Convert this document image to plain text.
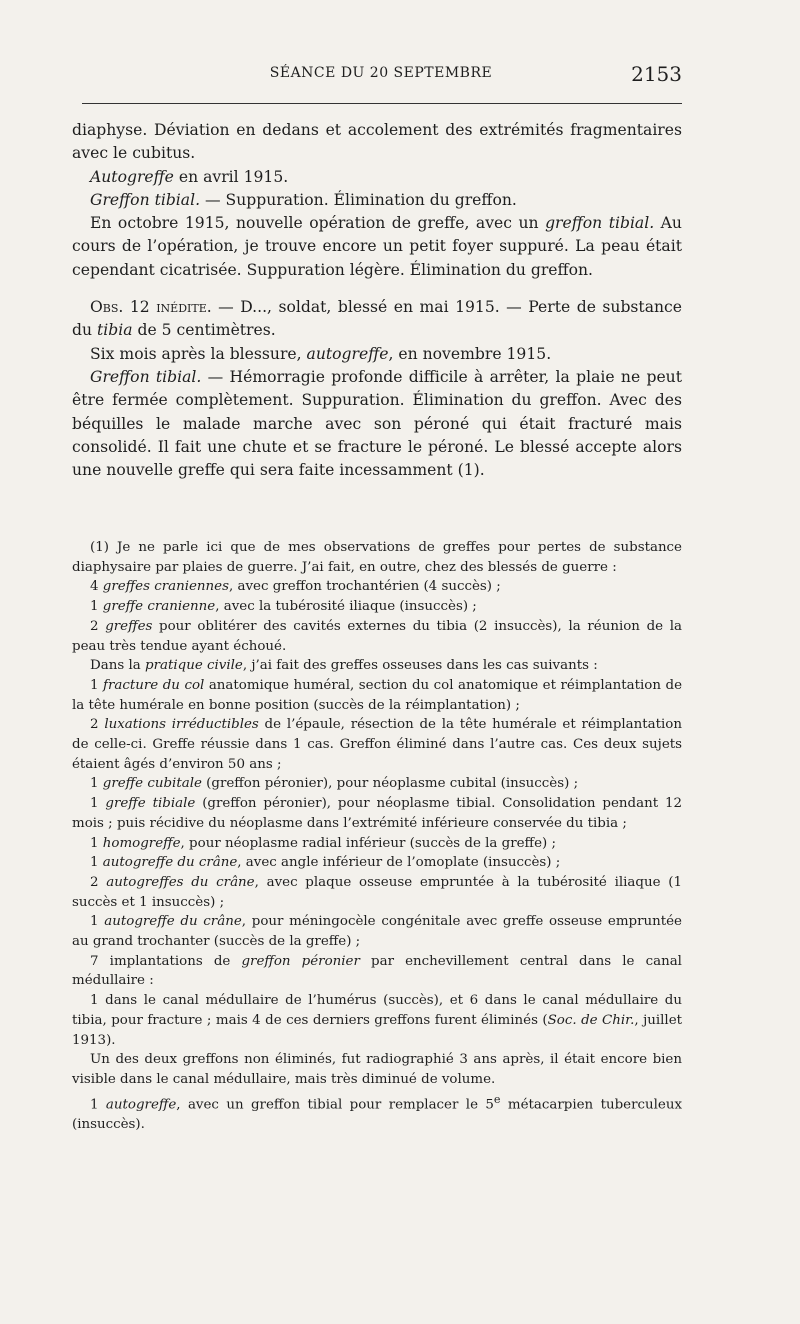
SÉANCE DU 20 SEPTEMBRE	2153

diaphyse. Déviation en dedans et accolement des extrémités fragmentaires avec le cubitus.

Autogreffe en avril 1915.

Greffon tibial. — Suppuration. Élimination du greffon.

En octobre 1915, nouvelle opération de greffe, avec un greffon tibial. Au cours de l’opération, je trouve encore un petit foyer suppuré. La peau était cependant cicatrisée. Suppuration légère. Élimination du greffon.

Obs. 12 inédite. — D..., soldat, blessé en mai 1915. — Perte de substance du tibia de 5 centimètres.

Six mois après la blessure, autogreffe, en novembre 1915.

Greffon tibial. — Hémorragie profonde difficile à arrêter, la plaie ne peut être fermée complètement. Suppuration. Élimination du greffon. Avec des béquilles le malade marche avec son péroné qui était fracturé mais consolidé. Il fait une chute et se fracture le péroné. Le blessé accepte alors une nouvelle greffe qui sera faite incessamment (1).

(1) Je ne parle ici que de mes observations de greffes pour pertes de substance diaphysaire par plaies de guerre. J’ai fait, en outre, chez des blessés de guerre :

4 greffes craniennes, avec greffon trochantérien (4 succès) ;

1 greffe cranienne, avec la tubérosité iliaque (insuccès) ;

2 greffes pour oblitérer des cavités externes du tibia (2 insuccès), la réunion de la peau très tendue ayant échoué.

Dans la pratique civile, j’ai fait des greffes osseuses dans les cas suivants :

1 fracture du col anatomique huméral, section du col anatomique et réimplantation de la tête humérale en bonne position (succès de la réimplantation) ;

2 luxations irréductibles de l’épaule, résection de la tête humérale et réimplantation de celle-ci. Greffe réussie dans 1 cas. Greffon éliminé dans l’autre cas. Ces deux sujets étaient âgés d’environ 50 ans ;

1 greffe cubitale (greffon péronier), pour néoplasme cubital (insuccès) ;

1 greffe tibiale (greffon péronier), pour néoplasme tibial. Consolidation pendant 12 mois ; puis récidive du néoplasme dans l’extrémité inférieure conservée du tibia ;

1 homogreffe, pour néoplasme radial inférieur (succès de la greffe) ;

1 autogreffe du crâne, avec angle inférieur de l’omoplate (insuccès) ;

2 autogreffes du crâne, avec plaque osseuse empruntée à la tubérosité iliaque (1 succès et 1 insuccès) ;

1 autogreffe du crâne, pour méningocèle congénitale avec greffe osseuse empruntée au grand trochanter (succès de la greffe) ;

7 implantations de greffon péronier par enchevillement central dans le canal médullaire :

1 dans le canal médullaire de l’humérus (succès), et 6 dans le canal médullaire du tibia, pour fracture ; mais 4 de ces derniers greffons furent éliminés (Soc. de Chir., juillet 1913).

Un des deux greffons non éliminés, fut radiographié 3 ans après, il était encore bien visible dans le canal médullaire, mais très diminué de volume.

1 autogreffe, avec un greffon tibial pour remplacer le 5e métacarpien tuberculeux (insuccès).
